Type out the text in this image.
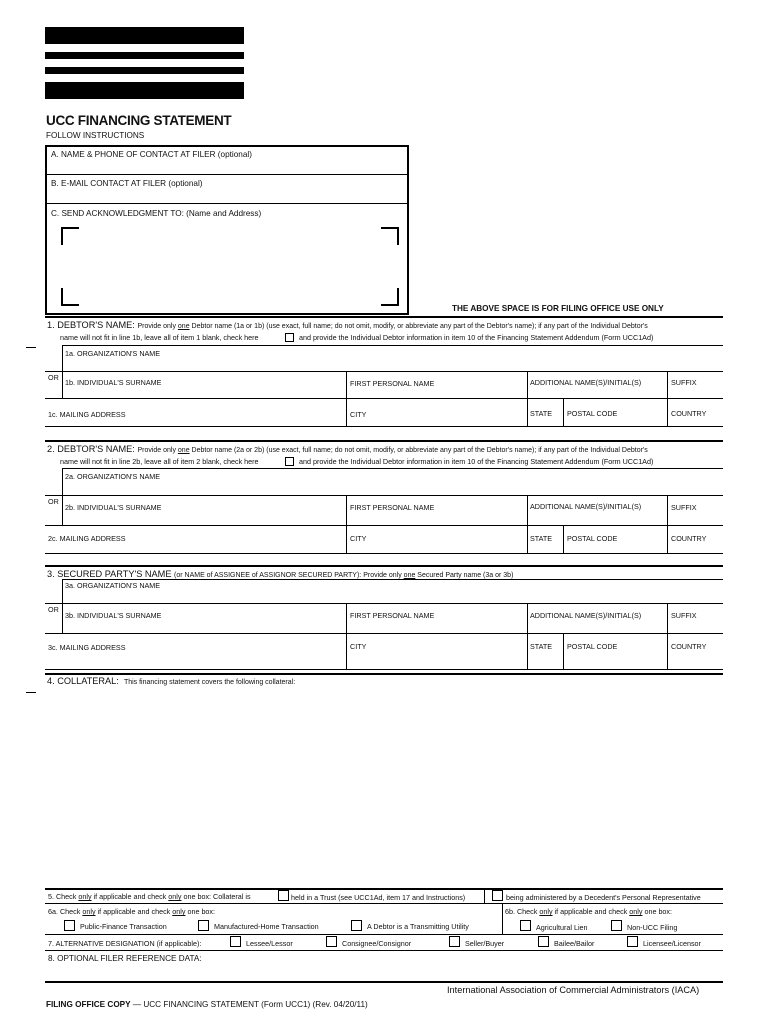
UCC FINANCING STATEMENT
FOLLOW INSTRUCTIONS
A. NAME & PHONE OF CONTACT AT FILER (optional)
B. E-MAIL CONTACT AT FILER (optional)
C. SEND ACKNOWLEDGMENT TO: (Name and Address)
THE ABOVE SPACE IS FOR FILING OFFICE USE ONLY
1. DEBTOR'S NAME: Provide only one Debtor name (1a or 1b) (use exact, full name; do not omit, modify, or abbreviate any part of the Debtor's name); if any part of the Individual Debtor's
name will not fit in line 1b, leave all of item 1 blank, check here	and provide the Individual Debtor information in item 10 of the Financing Statement Addendum (Form UCC1Ad)
1a. ORGANIZATION'S NAME
OR
1b. INDIVIDUAL'S SURNAME	FIRST PERSONAL NAME	ADDITIONAL NAME(S)/INITIAL(S)	SUFFIX
1c. MAILING ADDRESS	CITY	STATE POSTAL CODE	COUNTRY
2. DEBTOR'S NAME: Provide only one Debtor name (2a or 2b) (use exact, full name; do not omit, modify, or abbreviate any part of the Debtor's name); if any part of the Individual Debtor's
name will not fit in line 2b, leave all of item 2 blank, check here	and provide the Individual Debtor information in item 10 of the Financing Statement Addendum (Form UCC1Ad)
2a. ORGANIZATION'S NAME
OR
2b. INDIVIDUAL'S SURNAME	FIRST PERSONAL NAME	ADDITIONAL NAME(S)/INITIAL(S)	SUFFIX
2c. MAILING ADDRESS	CITY	STATE POSTAL CODE	COUNTRY
3. SECURED PARTY'S NAME (or NAME of ASSIGNEE of ASSIGNOR SECURED PARTY): Provide only one Secured Party name (3a or 3b)
3a. ORGANIZATION'S NAME
OR
3b. INDIVIDUAL'S SURNAME	FIRST PERSONAL NAME	ADDITIONAL NAME(S)/INITIAL(S)	SUFFIX
3c. MAILING ADDRESS	CITY	STATE POSTAL CODE	COUNTRY
4. COLLATERAL: This financing statement covers the following collateral:
5. Check only if applicable and check only one box: Collateral is	held in a Trust (see UCC1Ad, item 17 and Instructions)	being administered by a Decedent's Personal Representative
6a. Check only if applicable and check only one box:	6b. Check only if applicable and check only one box:
Public-Finance Transaction	Manufactured-Home Transaction	A Debtor is a Transmitting Utility	Agricultural Lien	Non-UCC Filing
7. ALTERNATIVE DESIGNATION (if applicable):	Lessee/Lessor	Consignee/Consignor	Seller/Buyer	Bailee/Bailor	Licensee/Licensor
8. OPTIONAL FILER REFERENCE DATA:
FILING OFFICE COPY — UCC FINANCING STATEMENT (Form UCC1) (Rev. 04/20/11)
International Association of Commercial Administrators (IACA)
